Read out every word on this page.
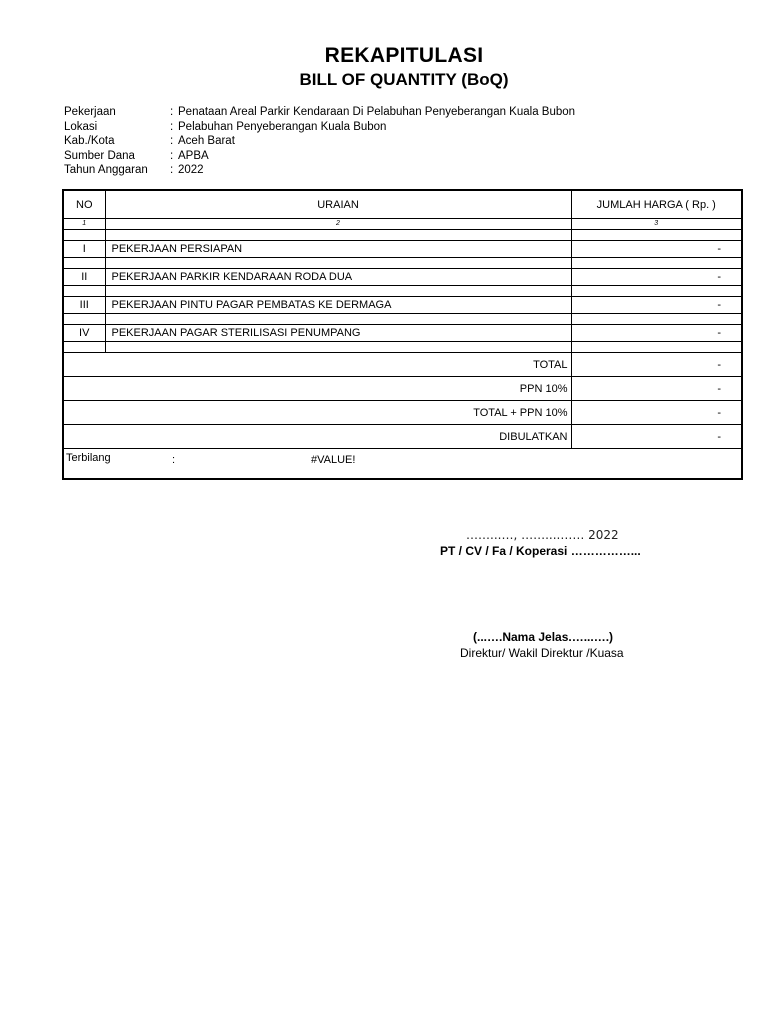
REKAPITULASI
BILL OF QUANTITY (BoQ)
Pekerjaan	: Penataan Areal Parkir Kendaraan Di Pelabuhan Penyeberangan Kuala Bubon
Lokasi	: Pelabuhan Penyeberangan Kuala Bubon
Kab./Kota	: Aceh Barat
Sumber Dana	: APBA
Tahun Anggaran : 2022
NO	URAIAN	JUMLAH HARGA ( Rp. )
1	2	3

I	PEKERJAAN PERSIAPAN	-

II	PEKERJAAN PARKIR KENDARAAN RODA DUA	-

III	PEKERJAAN PINTU PAGAR PEMBATAS KE DERMAGA	-

IV	PEKERJAAN PAGAR STERILISASI PENUMPANG	-

TOTAL		-
PPN 10%		-
TOTAL + PPN 10%		-
DIBULATKAN		-

Terbilang : #VALUE!		
……...…, ……....…… 2022
PT / CV / Fa / Koperasi ……………...
(...….Nama Jelas.…...….)
Direktur/ Wakil Direktur /Kuasa
